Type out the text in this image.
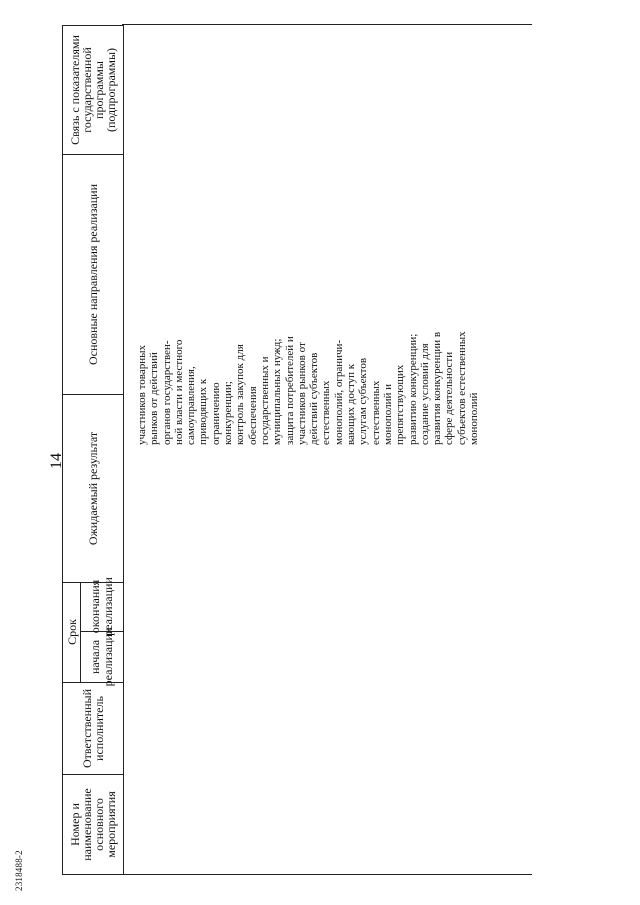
14
2318488-2
Номер и наименование основного мероприятия
Ответственный исполнитель
Срок
начала реализации
окончания реализации
Ожидаемый результат
Основные направления реализации
Связь с показателями государственной программы (подпрограммы)
участников товарных
рынков от действий
органов государствен-
ной власти и местного
самоуправления,
приводящих к
ограничению
конкуренции;
контроль закупок для
обеспечения
государственных и
муниципальных нужд;
защита потребителей и
участников рынков от
действий субъектов
естественных
монополий, ограничи-
вающих доступ к
услугам субъектов
естественных
монополий и
препятствующих
развитию конкуренции;
создание условий для
развития конкуренции в
сфере деятельности
субъектов естественных
монополий
